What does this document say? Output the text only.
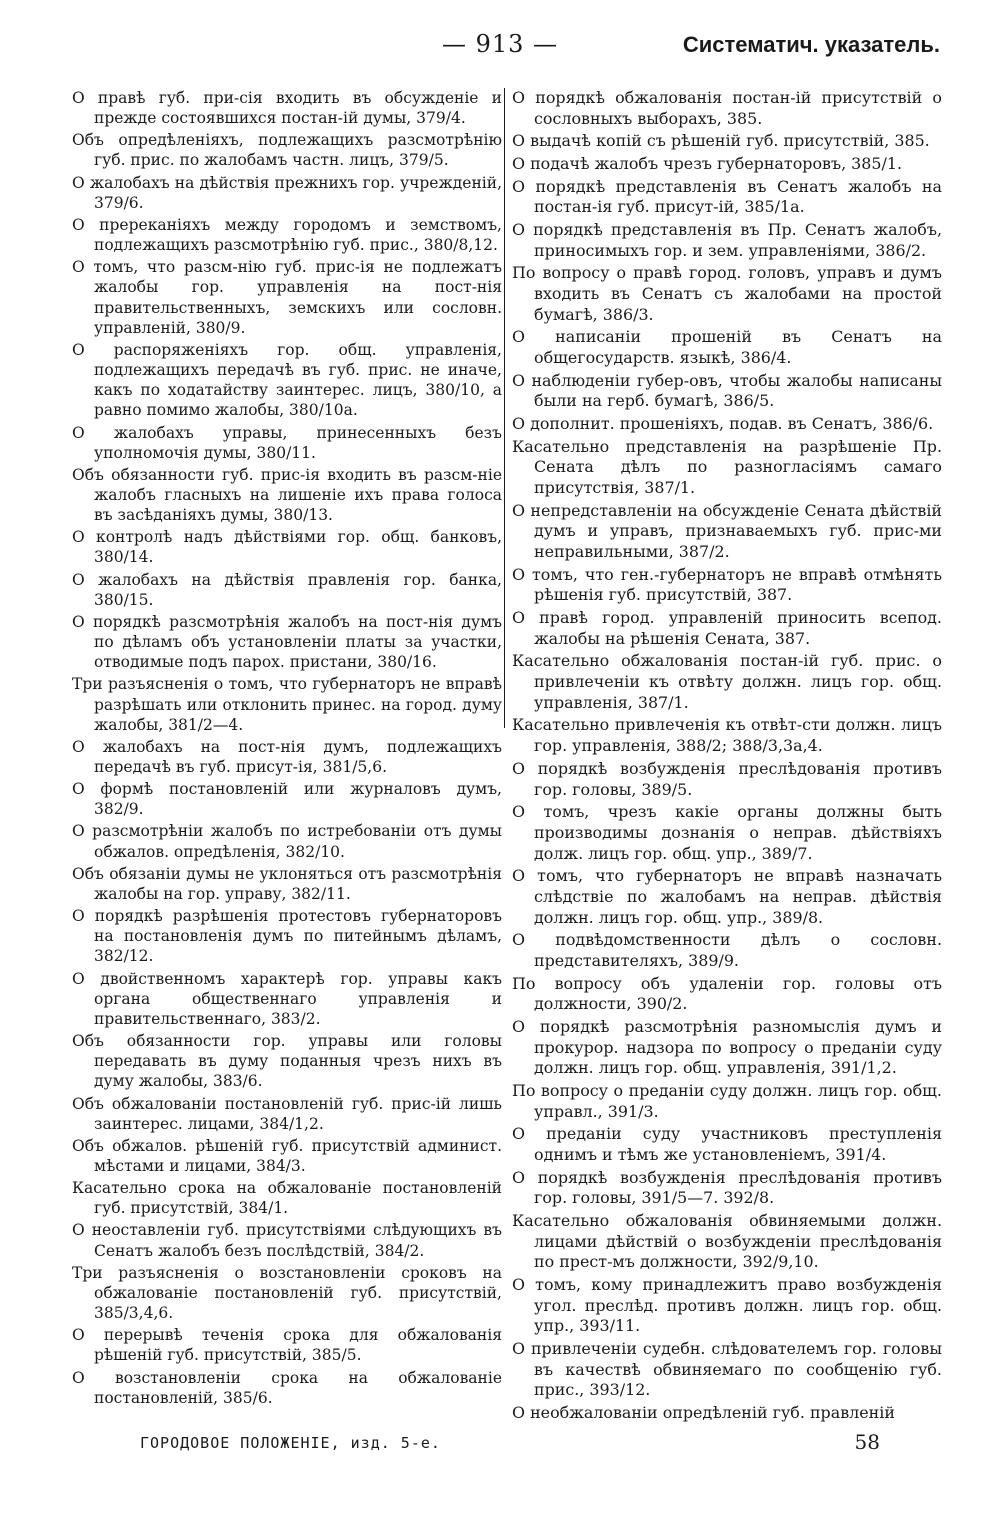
— 913 —	Систематич. указатель.

О правѣ губ. при-сія входить въ обсужденіе и прежде состоявшихся постан-ій думы, 379/4.

Объ опредѣленіяхъ, подлежащихъ разсмотрѣнію губ. прис. по жалобамъ частн. лицъ, 379/5.

О жалобахъ на дѣйствія прежнихъ гор. учрежденій, 379/6.

О пререканіяхъ между городомъ и земствомъ, подлежащихъ разсмотрѣнію губ. прис., 380/8,12.

О томъ, что разсм-нію губ. прис-ія не подлежатъ жалобы гор. управленія на пост-нія правительственныхъ, земскихъ или сословн. управленій, 380/9.

О распоряженіяхъ гор. общ. управленія, подлежащихъ передачѣ въ губ. прис. не иначе, какъ по ходатайству заинтерес. лицъ, 380/10, а равно помимо жалобы, 380/10а.

О жалобахъ управы, принесенныхъ безъ уполномочія думы, 380/11.

Объ обязанности губ. прис-ія входить въ разсм-ніе жалобъ гласныхъ на лишеніе ихъ права голоса въ засѣданіяхъ думы, 380/13.

О контролѣ надъ дѣйствіями гор. общ. банковъ, 380/14.

О жалобахъ на дѣйствія правленія гор. банка, 380/15.

О порядкѣ разсмотрѣнія жалобъ на пост-нія думъ по дѣламъ объ установленіи платы за участки, отводимые подъ парох. пристани, 380/16.

Три разъясненія о томъ, что губернаторъ не вправѣ разрѣшать или отклонить принес. на город. думу жалобы, 381/2—4.

О жалобахъ на пост-нія думъ, подлежащихъ передачѣ въ губ. присут-ія, 381/5,6.

О формѣ постановленій или журналовъ думъ, 382/9.

О разсмотрѣніи жалобъ по истребованіи отъ думы обжалов. опредѣленія, 382/10.

Объ обязаніи думы не уклоняться отъ разсмотрѣнія жалобы на гор. управу, 382/11.

О порядкѣ разрѣшенія протестовъ губернаторовъ на постановленія думъ по питейнымъ дѣламъ, 382/12.

О двойственномъ характерѣ гор. управы какъ органа общественнаго управленія и правительственнаго, 383/2.

Объ обязанности гор. управы или головы передавать въ думу поданныя чрезъ нихъ въ думу жалобы, 383/6.

Объ обжалованіи постановленій губ. прис-ій лишь заинтерес. лицами, 384/1,2.

Объ обжалов. рѣшеній губ. присутствій админист. мѣстами и лицами, 384/3.

Касательно срока на обжалованіе постановленій губ. присутствій, 384/1.

О неоставленіи губ. присутствіями слѣдующихъ въ Сенатъ жалобъ безъ послѣдствій, 384/2.

Три разъясненія о возстановленіи сроковъ на обжалованіе постановленій губ. присутствій, 385/3,4,6.

О перерывѣ теченія срока для обжалованія рѣшеній губ. присутствій, 385/5.

О возстановленіи срока на обжалованіе постановленій, 385/6.

О порядкѣ обжалованія постан-ій присутствій о сословныхъ выборахъ, 385.

О выдачѣ копій съ рѣшеній губ. присутствій, 385.

О подачѣ жалобъ чрезъ губернаторовъ, 385/1.

О порядкѣ представленія въ Сенатъ жалобъ на постан-ія губ. присут-ій, 385/1а.

О порядкѣ представленія въ Пр. Сенатъ жалобъ, приносимыхъ гор. и зем. управленіями, 386/2.

По вопросу о правѣ город. головъ, управъ и думъ входить въ Сенатъ съ жалобами на простой бумагѣ, 386/3.

О написаніи прошеній въ Сенатъ на общегосударств. языкѣ, 386/4.

О наблюденіи губер-овъ, чтобы жалобы написаны были на герб. бумагѣ, 386/5.

О дополнит. прошеніяхъ, подав. въ Сенатъ, 386/6.

Касательно представленія на разрѣшеніе Пр. Сената дѣлъ по разногласіямъ самаго присутствія, 387/1.

О непредставленіи на обсужденіе Сената дѣйствій думъ и управъ, признаваемыхъ губ. прис-ми неправильными, 387/2.

О томъ, что ген.-губернаторъ не вправѣ отмѣнять рѣшенія губ. присутствій, 387.

О правѣ город. управленій приносить всепод. жалобы на рѣшенія Сената, 387.

Касательно обжалованія постан-ій губ. прис. о привлеченіи къ отвѣту должн. лицъ гор. общ. управленія, 387/1.

Касательно привлеченія къ отвѣт-сти должн. лицъ гор. управленія, 388/2; 388/3,3а,4.

О порядкѣ возбужденія преслѣдованія противъ гор. головы, 389/5.

О томъ, чрезъ какіе органы должны быть производимы дознанія о неправ. дѣйствіяхъ долж. лицъ гор. общ. упр., 389/7.

О томъ, что губернаторъ не вправѣ назначать слѣдствіе по жалобамъ на неправ. дѣйствія должн. лицъ гор. общ. упр., 389/8.

О подвѣдомственности дѣлъ о сословн. представителяхъ, 389/9.

По вопросу объ удаленіи гор. головы отъ должности, 390/2.

О порядкѣ разсмотрѣнія разномыслія думъ и прокурор. надзора по вопросу о преданіи суду должн. лицъ гор. общ. управленія, 391/1,2.

По вопросу о преданіи суду должн. лицъ гор. общ. управл., 391/3.

О преданіи суду участниковъ преступленія однимъ и тѣмъ же установленіемъ, 391/4.

О порядкѣ возбужденія преслѣдованія противъ гор. головы, 391/5—7. 392/8.

Касательно обжалованія обвиняемыми должн. лицами дѣйствій о возбужденіи преслѣдованія по прест-мъ должности, 392/9,10.

О томъ, кому принадлежитъ право возбужденія угол. преслѣд. противъ должн. лицъ гор. общ. упр., 393/11.

О привлеченіи судебн. слѣдователемъ гор. головы въ качествѣ обвиняемаго по сообщенію губ. прис., 393/12.

О необжалованіи опредѣленій губ. правленій

ГОРОДОВОЕ ПОЛОЖЕНІЕ, изд. 5-е.	58
